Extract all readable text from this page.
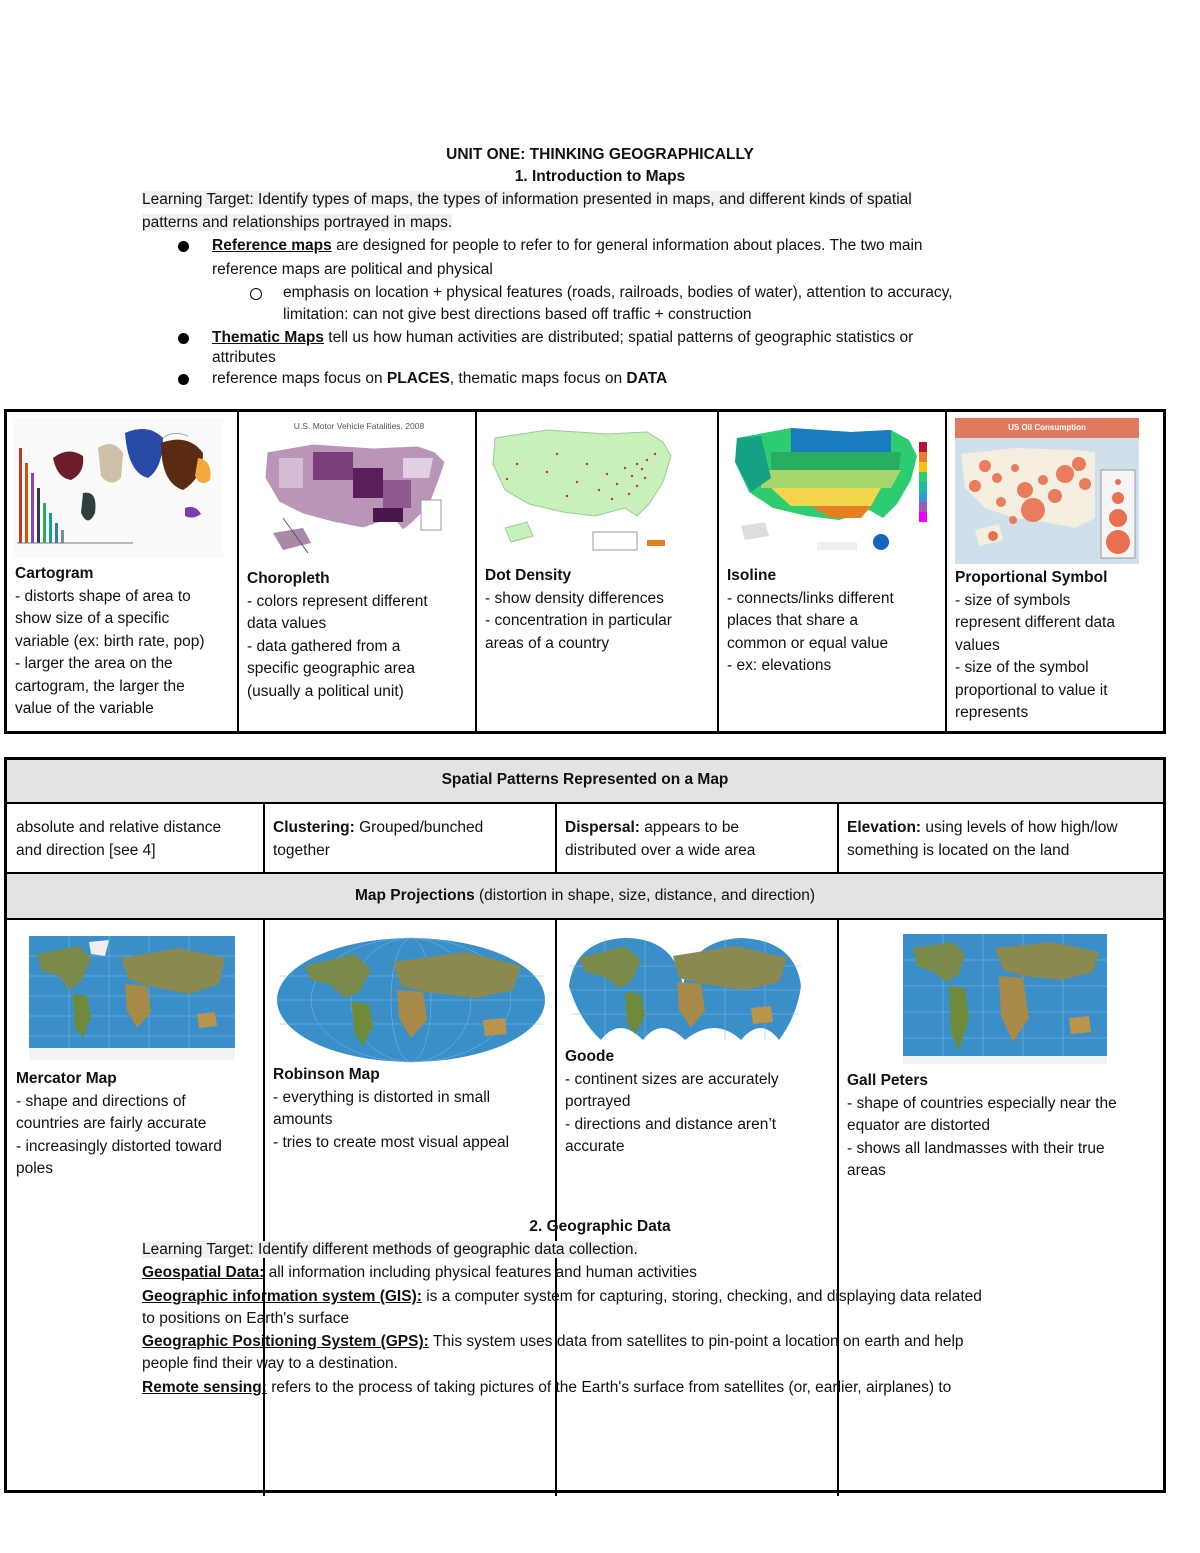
UNIT ONE: THINKING GEOGRAPHICALLY
1. Introduction to Maps
Learning Target: Identify types of maps, the types of information presented in maps, and different kinds of spatial
patterns and relationships portrayed in maps.
Reference maps are designed for people to refer to for general information about places. The two main
reference maps are political and physical
emphasis on location + physical features (roads, railroads, bodies of water), attention to accuracy,
limitation: can not give best directions based off traffic + construction
Thematic Maps tell us how human activities are distributed; spatial patterns of geographic statistics or
attributes
reference maps focus on PLACES, thematic maps focus on DATA
Cartogram
- distorts shape of area to
show size of a specific
variable (ex: birth rate, pop)
- larger the area on the
cartogram, the larger the
value of the variable
U.S. Motor Vehicle Fatalities, 2008
Choropleth
- colors represent different
data values
- data gathered from a
specific geographic area
(usually a political unit)
Dot Density
- show density differences
- concentration in particular
areas of a country
Isoline
- connects/links different
places that share a
common or equal value
- ex: elevations
US Oil Consumption
Proportional Symbol
- size of symbols
represent different data
values
- size of the symbol
proportional to value it
represents
Spatial Patterns Represented on a Map
absolute and relative distance
and direction [see 4]
Clustering: Grouped/bunched
together
Dispersal: appears to be
distributed over a wide area
Elevation: using levels of how high/low
something is located on the land
Map Projections (distortion in shape, size, distance, and direction)
Mercator Map
- shape and directions of
countries are fairly accurate
- increasingly distorted toward
poles
Robinson Map
- everything is distorted in small
amounts
- tries to create most visual appeal
Goode
- continent sizes are accurately
portrayed
- directions and distance aren’t
accurate
Gall Peters
- shape of countries especially near the
equator are distorted
- shows all landmasses with their true
areas
2. Geographic Data
Learning Target: Identify different methods of geographic data collection.
Geospatial Data: all information including physical features and human activities
Geographic information system (GIS): is a computer system for capturing, storing, checking, and displaying data related
to positions on Earth's surface
Geographic Positioning System (GPS): This system uses data from satellites to pin-point a location on earth and help
people find their way to a destination.
Remote sensing: refers to the process of taking pictures of the Earth's surface from satellites (or, earlier, airplanes) to
